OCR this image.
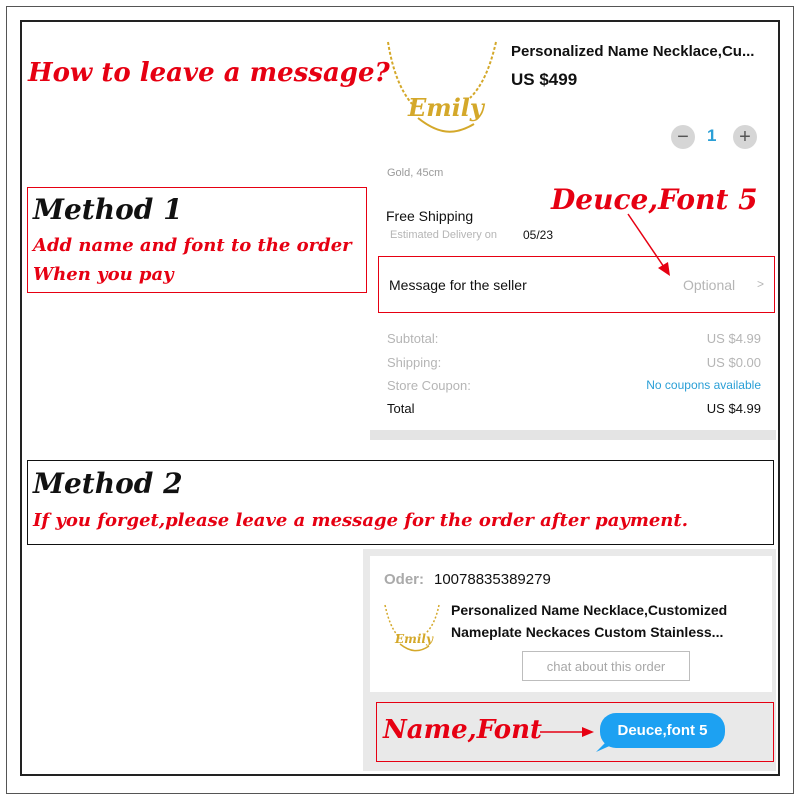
How to leave a message?
Emily
Personalized Name Necklace,Cu...
US $499
−	1	+
Gold, 45cm
Method 1
Add name and font to the order
When you pay
Deuce,Font 5
Free Shipping
Estimated Delivery on 05/23
Message for the seller	Optional >
Subtotal:	US $4.99
Shipping:	US $0.00
Store Coupon:	No coupons available
Total	US $4.99
Method 2
If you forget,please leave a message for the order after payment.
Oder: 10078835389279
Emily
Personalized Name Necklace,Customized
Nameplate Neckaces Custom Stainless...
chat about this order
Name,Font	Deuce,font 5
